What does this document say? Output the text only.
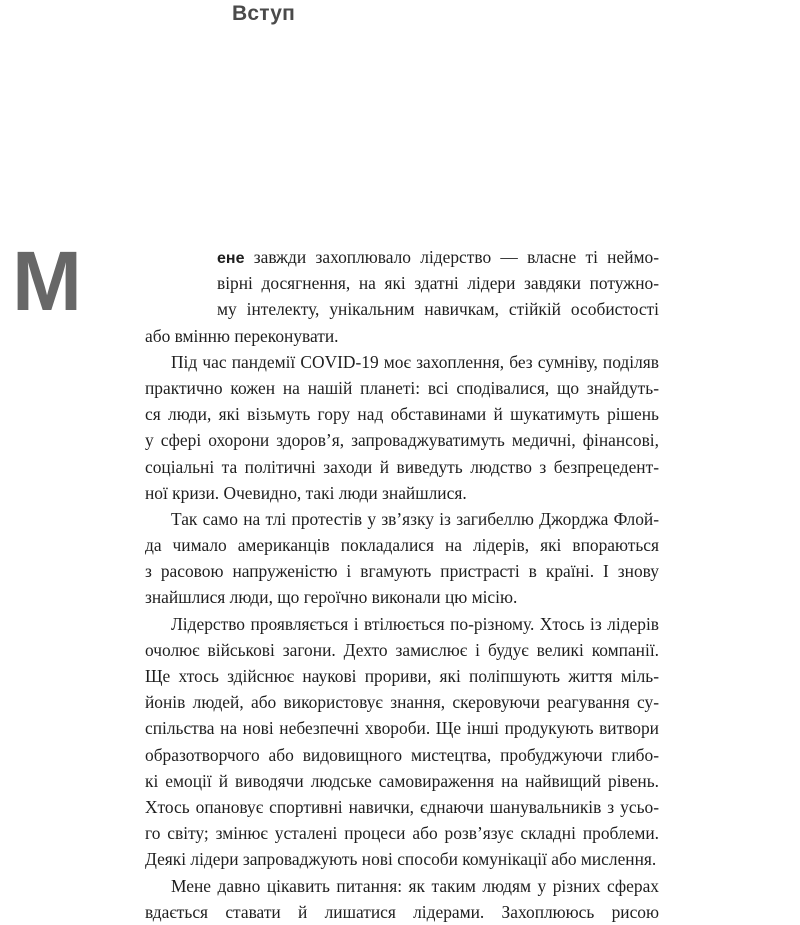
Вступ
М	ене завжди захоплювало лідерство — власне ті неймо-
вірні досягнення, на які здатні лідери завдяки потужно-
му інтелекту, унікальним навичкам, стійкій особистості
або вмінню переконувати.
Під час пандемії COVID-19 моє захоплення, без сумніву, поділяв
практично кожен на нашій планеті: всі сподівалися, що знайдуть-
ся люди, які візьмуть гору над обставинами й шукатимуть рішень
у сфері охорони здоров’я, запроваджуватимуть медичні, фінансові,
соціальні та політичні заходи й виведуть людство з безпрецедент-
ної кризи. Очевидно, такі люди знайшлися.
Так само на тлі протестів у зв’язку із загибеллю Джорджа Флой-
да чимало американців покладалися на лідерів, які впораються
з расовою напруженістю і вгамують пристрасті в країні. І знову
знайшлися люди, що героїчно виконали цю місію.
Лідерство проявляється і втілюється по-різному. Хтось із лідерів
очолює військові загони. Дехто замислює і будує великі компанії.
Ще хтось здійснює наукові прориви, які поліпшують життя міль-
йонів людей, або використовує знання, скеровуючи реагування су-
спільства на нові небезпечні хвороби. Ще інші продукують витвори
образотворчого або видовищного мистецтва, пробуджуючи глибо-
кі емоції й виводячи людське самовираження на найвищий рівень.
Хтось опановує спортивні навички, єднаючи шанувальників з усьо-
го світу; змінює усталені процеси або розв’язує складні проблеми.
Деякі лідери запроваджують нові способи комунікації або мислення.
Мене давно цікавить питання: як таким людям у різних сферах
вдається ставати й лишатися лідерами. Захоплююсь рисою
